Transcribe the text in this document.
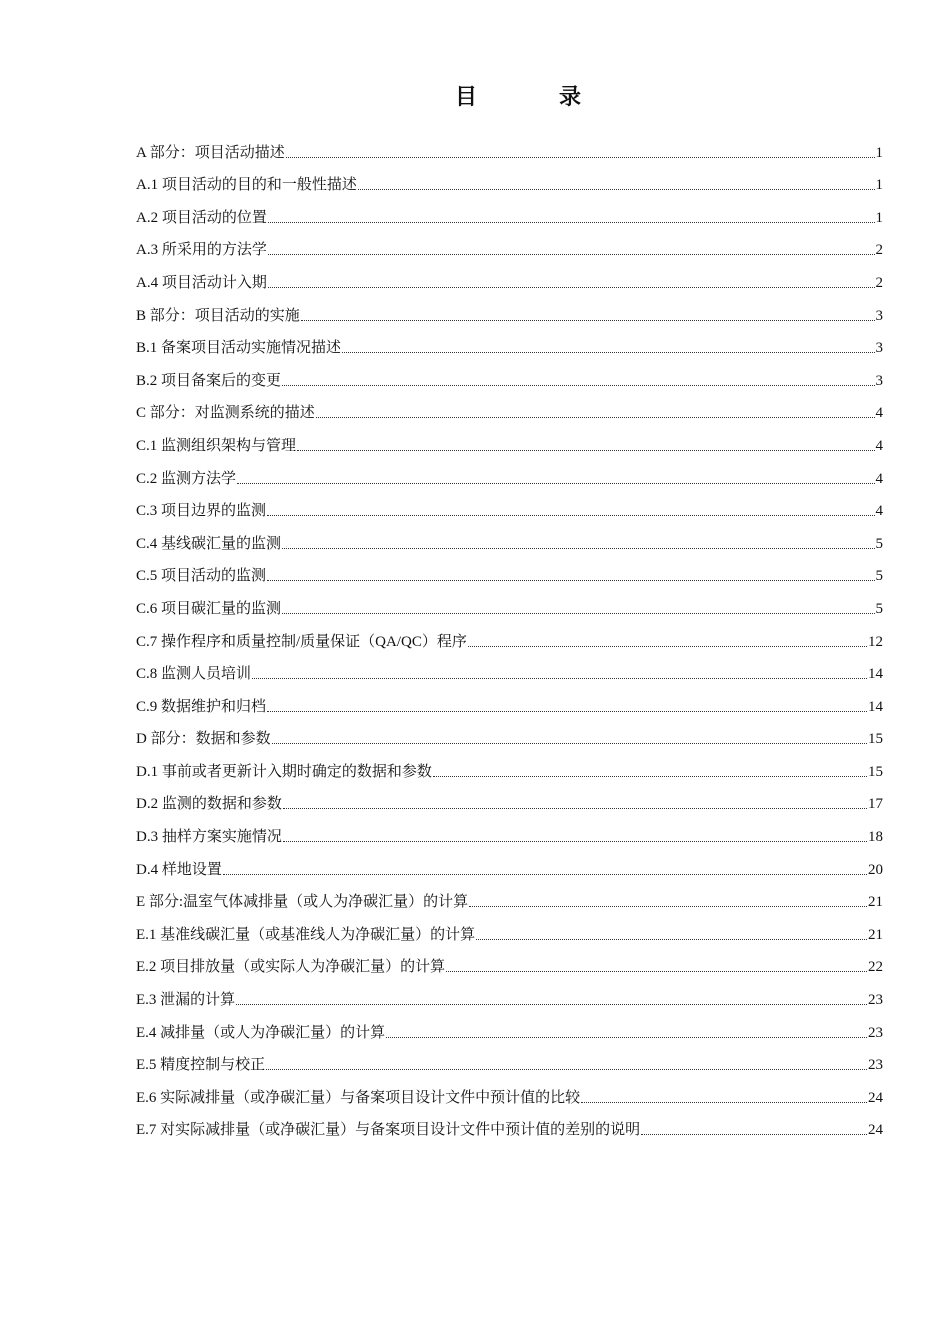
目　录
A 部分：项目活动描述	1
A.1 项目活动的目的和一般性描述	1
A.2 项目活动的位置	1
A.3 所采用的方法学	2
A.4 项目活动计入期	2
B 部分：项目活动的实施	3
B.1 备案项目活动实施情况描述	3
B.2 项目备案后的变更	3
C 部分：对监测系统的描述	4
C.1 监测组织架构与管理	4
C.2 监测方法学	4
C.3 项目边界的监测	4
C.4 基线碳汇量的监测	5
C.5 项目活动的监测	5
C.6 项目碳汇量的监测	5
C.7 操作程序和质量控制/质量保证（QA/QC）程序	12
C.8 监测人员培训	14
C.9 数据维护和归档	14
D 部分：数据和参数	15
D.1 事前或者更新计入期时确定的数据和参数	15
D.2 监测的数据和参数	17
D.3 抽样方案实施情况	18
D.4 样地设置	20
E 部分:温室气体减排量（或人为净碳汇量）的计算	21
E.1 基准线碳汇量（或基准线人为净碳汇量）的计算	21
E.2 项目排放量（或实际人为净碳汇量）的计算	22
E.3 泄漏的计算	23
E.4 减排量（或人为净碳汇量）的计算	23
E.5 精度控制与校正	23
E.6 实际减排量（或净碳汇量）与备案项目设计文件中预计值的比较	24
E.7 对实际减排量（或净碳汇量）与备案项目设计文件中预计值的差别的说明	24
